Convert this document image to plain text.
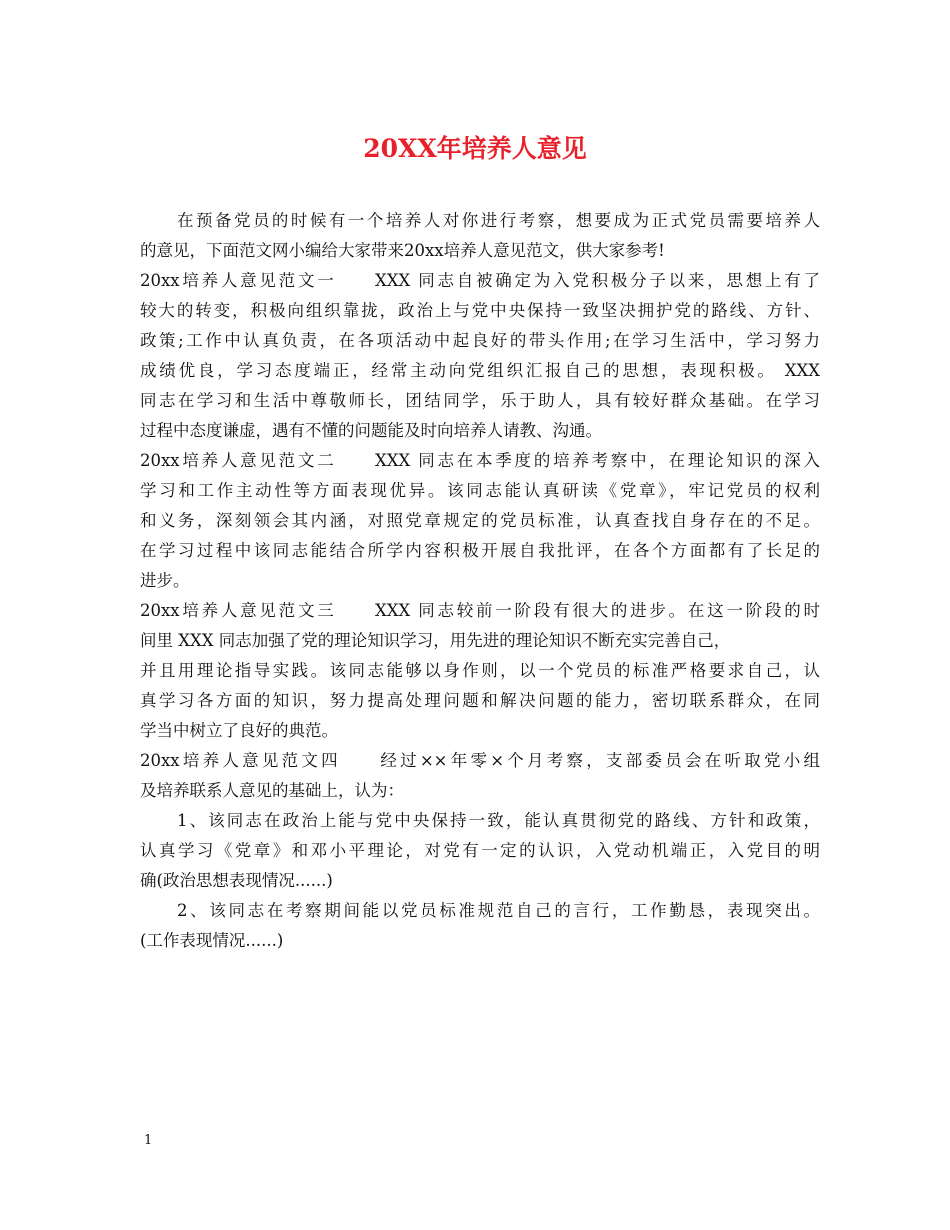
20XX年培养人意见
在预备党员的时候有一个培养人对你进行考察，想要成为正式党员需要培养人
的意见，下面范文网小编给大家带来20xx培养人意见范文，供大家参考!
20xx培养人意见范文一　　XXX 同志自被确定为入党积极分子以来，思想上有了
较大的转变，积极向组织靠拢，政治上与党中央保持一致坚决拥护党的路线、方针、
政策;工作中认真负责，在各项活动中起良好的带头作用;在学习生活中，学习努力
成绩优良，学习态度端正，经常主动向党组织汇报自己的思想，表现积极。 XXX
同志在学习和生活中尊敬师长，团结同学，乐于助人，具有较好群众基础。在学习
过程中态度谦虚，遇有不懂的问题能及时向培养人请教、沟通。
20xx培养人意见范文二　　XXX 同志在本季度的培养考察中，在理论知识的深入
学习和工作主动性等方面表现优异。该同志能认真研读《党章》，牢记党员的权利
和义务，深刻领会其内涵，对照党章规定的党员标准，认真查找自身存在的不足。
在学习过程中该同志能结合所学内容积极开展自我批评，在各个方面都有了长足的
进步。
20xx培养人意见范文三　　XXX 同志较前一阶段有很大的进步。在这一阶段的时
间里 XXX 同志加强了党的理论知识学习，用先进的理论知识不断充实完善自己，
并且用理论指导实践。该同志能够以身作则，以一个党员的标准严格要求自己，认
真学习各方面的知识，努力提高处理问题和解决问题的能力，密切联系群众，在同
学当中树立了良好的典范。
20xx培养人意见范文四　　经过××年零×个月考察，支部委员会在听取党小组
及培养联系人意见的基础上，认为：
1、该同志在政治上能与党中央保持一致，能认真贯彻党的路线、方针和政策，
认真学习《党章》和邓小平理论，对党有一定的认识，入党动机端正，入党目的明
确(政治思想表现情况......)
2、该同志在考察期间能以党员标准规范自己的言行，工作勤恳，表现突出。
(工作表现情况......)
1
